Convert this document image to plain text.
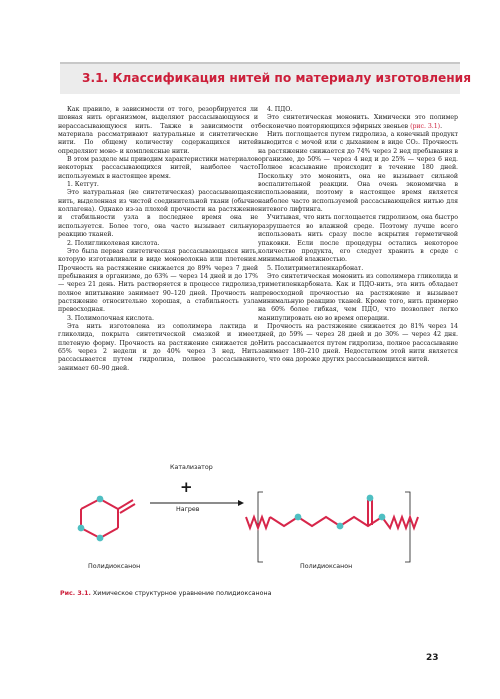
3.1. Классификация нитей по материалу изготовления

Как правило, в зависимости от того, резорбируется ли шовная нить организмом, выделяют рассасывающуюся и нерассасывающуюся нить. Также в зависимости от материала рассматривают натуральные и синтетические нити. По общему количеству содержащихся нитей определяют моно- и комплексные нити.

В этом разделе мы приводим характеристики материалов некоторых рассасывающихся нитей, наиболее часто используемых в настоящее время.

1. Кетгут.

Это натуральная (не синтетическая) рассасывающаяся нить, выделенная из чистой соединительной ткани (обычно коллагена). Однако из-за плохой прочности на растяжение и стабильности узла в последнее время она не используется. Более того, она часто вызывает сильную реакцию тканей.

2. Полигликолевая кислота.

Это была первая синтетическая рассасывающаяся нить, которую изготавливали в виде моноволокна или плетения. Прочность на растяжение снижается до 89% через 7 дней пребывания в организме, до 63% — через 14 дней и до 17% — через 21 день. Нить растворяется в процессе гидролиза, полное впитывание занимает 90–120 дней. Прочность на растяжение относительно хорошая, а стабильность узла превосходная.

3. Полимолочная кислота.

Эта нить изготовлена из сополимера лактида и гликолида, покрыта синтетической смазкой и имеет плетеную форму. Прочность на растяжение снижается до 65% через 2 недели и до 40% через 3 нед. Нить рассасывается путем гидролиза, полное рассасывание занимает 60–90 дней.

4. ПДО.

Это синтетическая мононить. Химически это полимер бесконечно повторяющихся эфирных звеньев (рис. 3.1).

Нить поглощается путем гидролиза, а конечный продукт выводится с мочой или с дыханием в виде CO₂. Прочность на растяжение снижается до 74% через 2 нед пребывания в организме, до 50% — через 4 нед и до 25% — через 6 нед. Полное всасывание происходит в течение 180 дней. Поскольку это мононить, она не вызывает сильной воспалительной реакции. Она очень экономична в использовании, поэтому в настоящее время является наиболее часто используемой рассасывающейся нитью для нитевого лифтинга.

Учитывая, что нить поглощается гидролизом, она быстро разрушается во влажной среде. Поэтому лучше всего использовать нить сразу после вскрытия герметичной упаковки. Если после процедуры остались некоторое количество продукта, его следует хранить в среде с минимальной влажностью.

5. Политриметиленкарбонат.

Это синтетическая мононить из сополимера гликолида и триметиленкарбоната. Как и ПДО-нить, эта нить обладает превосходной прочностью на растяжение и вызывает минимальную реакцию тканей. Кроме того, нить примерно на 60% более гибкая, чем ПДО, что позволяет легко манипулировать ею во время операции.

Прочность на растяжение снижается до 81% через 14 дней, до 59% — через 28 дней и до 30% — через 42 дня. Нить рассасывается путем гидролиза, полное рассасывание занимает 180–210 дней. Недостатком этой нити является то, что она дороже других рассасывающихся нитей.

Катализатор

+

Нагрев

Полидиоксанон	Полидиоксанон

Рис. 3.1. Химическое структурное уравнение полидиоксанона

23
